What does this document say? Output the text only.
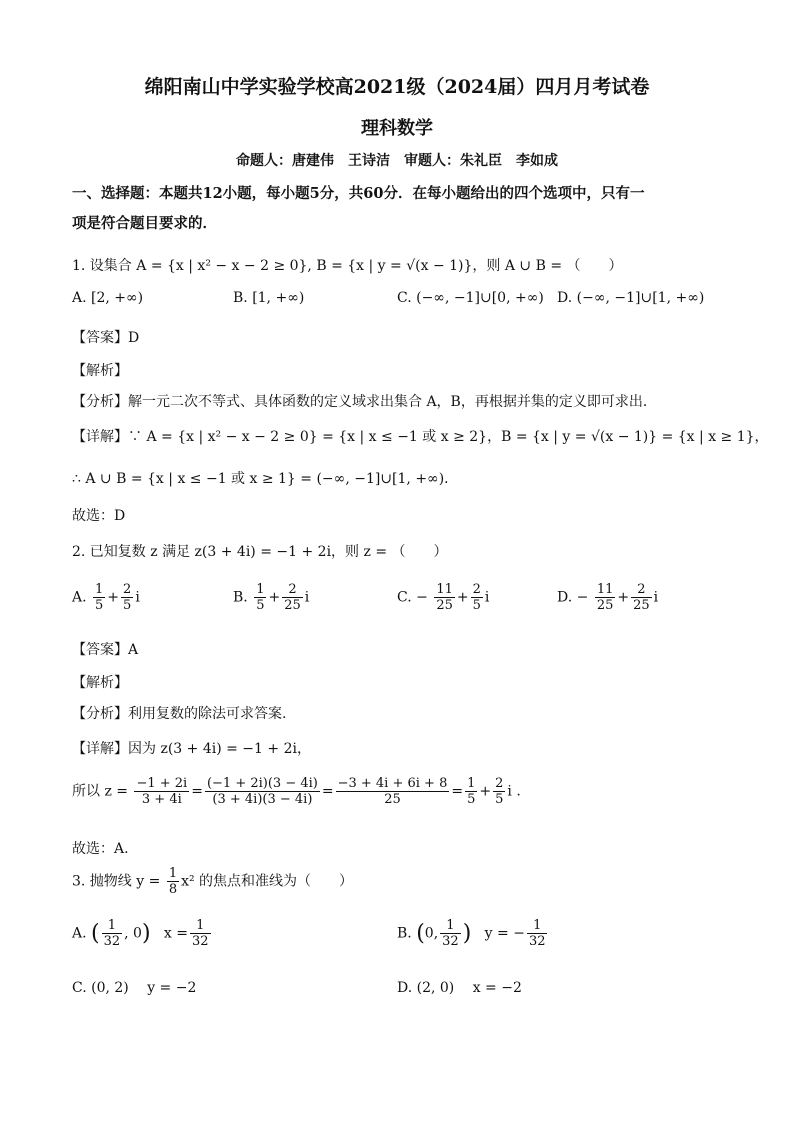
绵阳南山中学实验学校高2021级（2024届）四月月考试卷
理科数学
命题人：唐建伟　王诗洁　审题人：朱礼臣　李如成
一、选择题：本题共12小题，每小题5分，共60分．在每小题给出的四个选项中，只有一
项是符合题目要求的．
1. 设集合 A = {x | x² − x − 2 ≥ 0}, B = {x | y = √(x − 1)}，则 A ∪ B = （　　）
A. [2, +∞)	B. [1, +∞)	C. (−∞, −1]∪[0, +∞) D. (−∞, −1]∪[1, +∞)
【答案】D
【解析】
【分析】解一元二次不等式、具体函数的定义域求出集合 A，B，再根据并集的定义即可求出．
【详解】∵ A = {x | x² − x − 2 ≥ 0} = {x | x ≤ −1 或 x ≥ 2}，B = {x | y = √(x − 1)} = {x | x ≥ 1}，
∴ A ∪ B = {x | x ≤ −1 或 x ≥ 1} = (−∞, −1]∪[1, +∞)．
故选：D
2. 已知复数 z 满足 z(3 + 4i) = −1 + 2i，则 z = （　　）
A. $\frac{1}{5} + \frac{2}{5}$ i	B. $\frac{1}{5} + \frac{2}{25}$ i	C. − $\frac{11}{25} + \frac{2}{5}$ i	D. − $\frac{11}{25} + \frac{2}{25}$ i
【答案】A
【解析】
【分析】利用复数的除法可求答案.
【详解】因为 z(3 + 4i) = −1 + 2i，
所以 $z = \frac{-1 + 2i}{3 + 4i} = \frac{(-1 + 2i)(3 - 4i)}{(3 + 4i)(3 - 4i)} = \frac{-3 + 4i + 6i + 8}{25} = \frac{1}{5} + \frac{2}{5}$ i .
故选：A.
3. 抛物线 $y = \frac{1}{8} x^2$ 的焦点和准线为（　　）
A. ( $\frac{1}{32}$ , 0) $x = \frac{1}{32}$	B. (0, $\frac{1}{32}$ ) y = − $\frac{1}{32}$
C. (0, 2)　 y = −2	D. (2, 0)　 x = −2
